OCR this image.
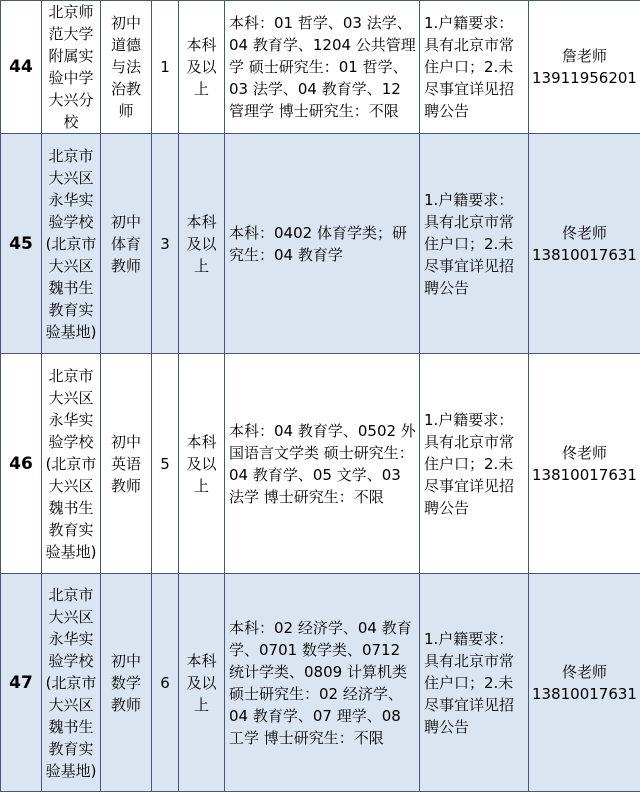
44	北京师范大学附属实验中学大兴分校	初中道德与法治教师	1	本科及以上	本科：01 哲学、03 法学、04 教育学、1204 公共管理学 硕士研究生：01 哲学、03 法学、04 教育学、12 管理学 博士研究生：不限	1.户籍要求：具有北京市常住户口；2.未尽事宜详见招聘公告	詹老师
13911956201

45	北京市大兴区永华实验学校(北京市大兴区魏书生教育实验基地)	初中体育教师	3	本科及以上	本科：0402 体育学类；研究生：04 教育学	1.户籍要求：具有北京市常住户口；2.未尽事宜详见招聘公告	佟老师
13810017631

46	北京市大兴区永华实验学校(北京市大兴区魏书生教育实验基地)	初中英语教师	5	本科及以上	本科：04 教育学、0502 外国语言文学类 硕士研究生：04 教育学、05 文学、03 法学 博士研究生：不限	1.户籍要求：具有北京市常住户口；2.未尽事宜详见招聘公告	佟老师
13810017631

47	北京市大兴区永华实验学校(北京市大兴区魏书生教育实验基地)	初中数学教师	6	本科及以上	本科：02 经济学、04 教育学、0701 数学类、0712 统计学类、0809 计算机类 硕士研究生：02 经济学、04 教育学、07 理学、08 工学 博士研究生：不限	1.户籍要求：具有北京市常住户口；2.未尽事宜详见招聘公告	佟老师
13810017631
